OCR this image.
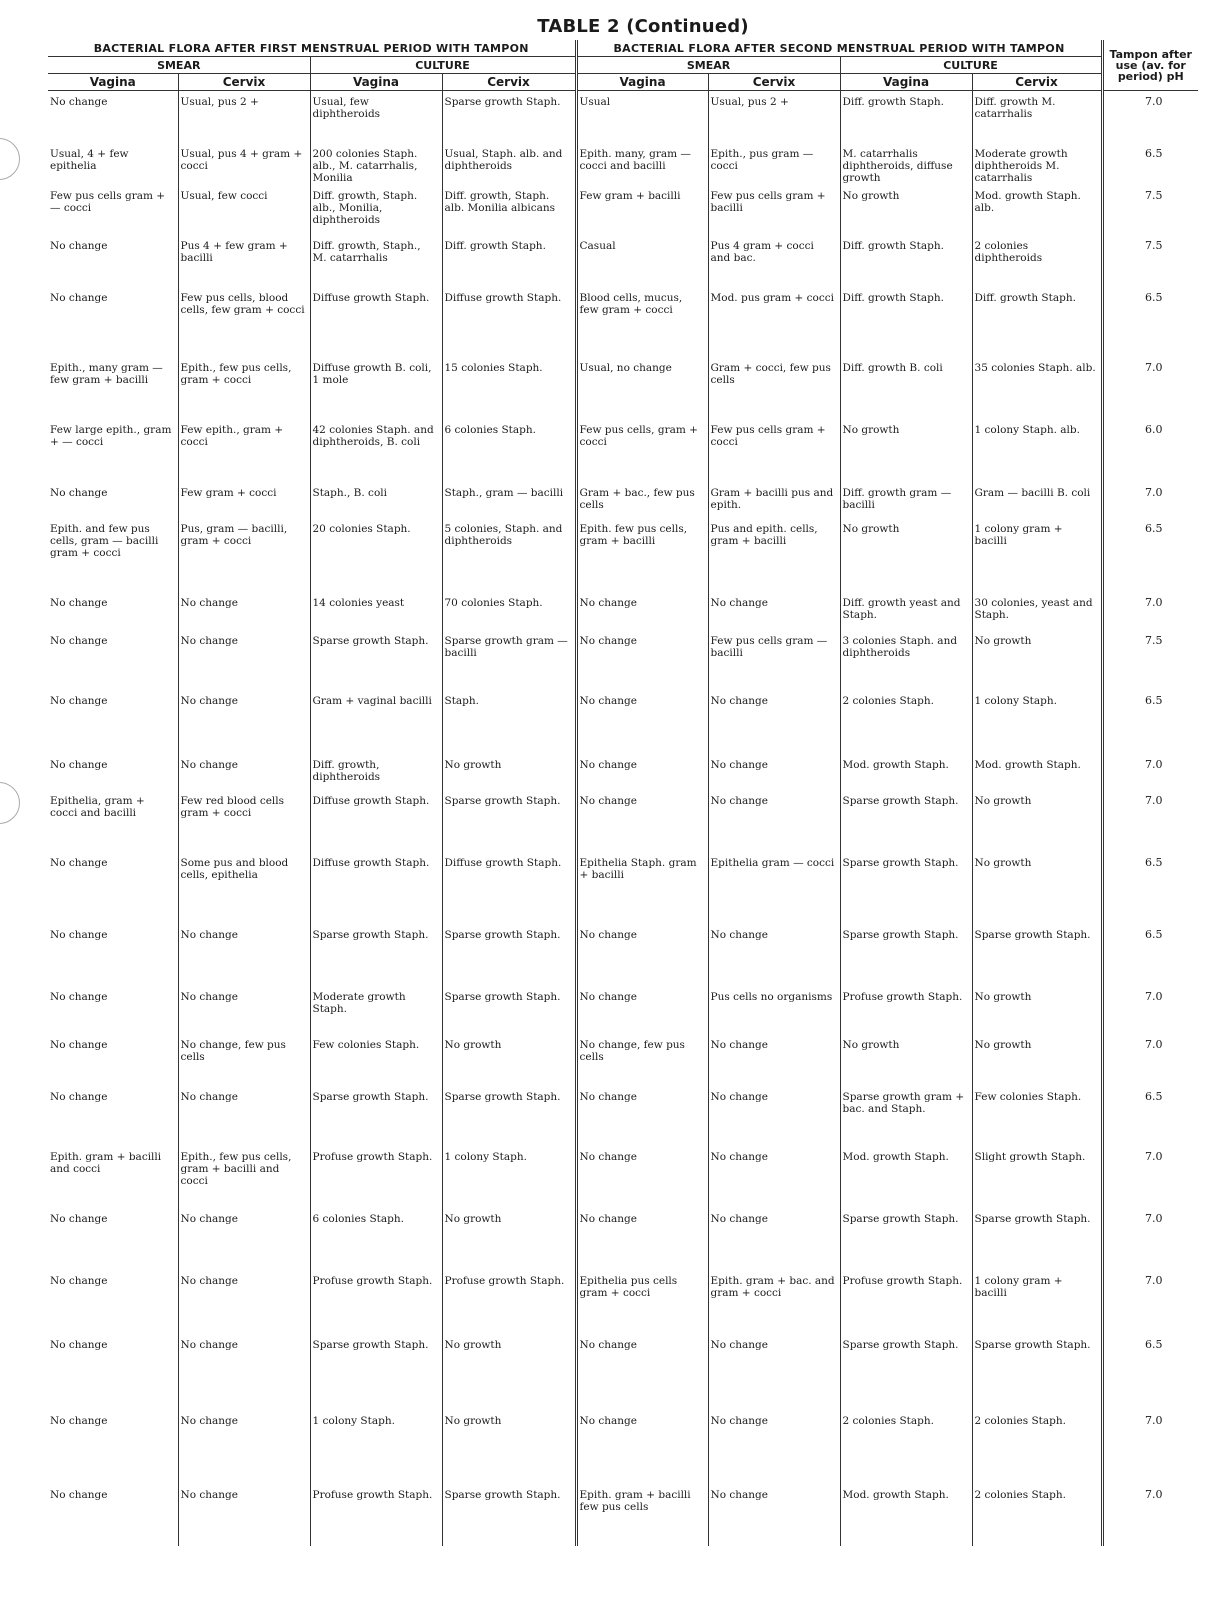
TABLE 2 (Continued)
BACTERIAL FLORA AFTER FIRST MENSTRUAL PERIOD WITH TAMPON				BACTERIAL FLORA AFTER SECOND MENSTRUAL PERIOD WITH TAMPON				Tampon after use (av. for period) pH
SMEAR		CULTURE		SMEAR		CULTURE		
Vagina	Cervix	Vagina	Cervix	Vagina	Cervix	Vagina	Cervix	
No change	Usual, pus 2 +	Usual, few diphtheroids	Sparse growth Staph.	Usual	Usual, pus 2 +	Diff. growth Staph.	Diff. growth M. catarrhalis	7.0
Usual, 4 + few epithelia	Usual, pus 4 + gram + cocci	200 colonies Staph. alb., M. catarrhalis, Monilia	Usual, Staph. alb. and diphtheroids	Epith. many, gram — cocci and bacilli	Epith., pus gram — cocci	M. catarrhalis diphtheroids, diffuse growth	Moderate growth diphtheroids M. catarrhalis	6.5
Few pus cells gram + — cocci	Usual, few cocci	Diff. growth, Staph. alb., Monilia, diphtheroids	Diff. growth, Staph. alb. Monilia albicans	Few gram + bacilli	Few pus cells gram + bacilli	No growth	Mod. growth Staph. alb.	7.5
No change	Pus 4 + few gram + bacilli	Diff. growth, Staph., M. catarrhalis	Diff. growth Staph.	Casual	Pus 4 gram + cocci and bac.	Diff. growth Staph.	2 colonies diphtheroids	7.5
No change	Few pus cells, blood cells, few gram + cocci	Diffuse growth Staph.	Diffuse growth Staph.	Blood cells, mucus, few gram + cocci	Mod. pus gram + cocci	Diff. growth Staph.	Diff. growth Staph.	6.5
Epith., many gram — few gram + bacilli	Epith., few pus cells, gram + cocci	Diffuse growth B. coli, 1 mole	15 colonies Staph.	Usual, no change	Gram + cocci, few pus cells	Diff. growth B. coli	35 colonies Staph. alb.	7.0
Few large epith., gram + — cocci	Few epith., gram + cocci	42 colonies Staph. and diphtheroids, B. coli	6 colonies Staph.	Few pus cells, gram + cocci	Few pus cells gram + cocci	No growth	1 colony Staph. alb.	6.0
No change	Few gram + cocci	Staph., B. coli	Staph., gram — bacilli	Gram + bac., few pus cells	Gram + bacilli pus and epith.	Diff. growth gram — bacilli	Gram — bacilli B. coli	7.0
Epith. and few pus cells, gram — bacilli gram + cocci	Pus, gram — bacilli, gram + cocci	20 colonies Staph.	5 colonies, Staph. and diphtheroids	Epith. few pus cells, gram + bacilli	Pus and epith. cells, gram + bacilli	No growth	1 colony gram + bacilli	6.5
No change	No change	14 colonies yeast	70 colonies Staph.	No change	No change	Diff. growth yeast and Staph.	30 colonies, yeast and Staph.	7.0
No change	No change	Sparse growth Staph.	Sparse growth gram — bacilli	No change	Few pus cells gram — bacilli	3 colonies Staph. and diphtheroids	No growth	7.5
No change	No change	Gram + vaginal bacilli	Staph.	No change	No change	2 colonies Staph.	1 colony Staph.	6.5
No change	No change	Diff. growth, diphtheroids	No growth	No change	No change	Mod. growth Staph.	Mod. growth Staph.	7.0
Epithelia, gram + cocci and bacilli	Few red blood cells gram + cocci	Diffuse growth Staph.	Sparse growth Staph.	No change	No change	Sparse growth Staph.	No growth	7.0
No change	Some pus and blood cells, epithelia	Diffuse growth Staph.	Diffuse growth Staph.	Epithelia Staph. gram + bacilli	Epithelia gram — cocci	Sparse growth Staph.	No growth	6.5
No change	No change	Sparse growth Staph.	Sparse growth Staph.	No change	No change	Sparse growth Staph.	Sparse growth Staph.	6.5
No change	No change	Moderate growth Staph.	Sparse growth Staph.	No change	Pus cells no organisms	Profuse growth Staph.	No growth	7.0
No change	No change, few pus cells	Few colonies Staph.	No growth	No change, few pus cells	No change	No growth	No growth	7.0
No change	No change	Sparse growth Staph.	Sparse growth Staph.	No change	No change	Sparse growth gram + bac. and Staph.	Few colonies Staph.	6.5
Epith. gram + bacilli and cocci	Epith., few pus cells, gram + bacilli and cocci	Profuse growth Staph.	1 colony Staph.	No change	No change	Mod. growth Staph.	Slight growth Staph.	7.0
No change	No change	6 colonies Staph.	No growth	No change	No change	Sparse growth Staph.	Sparse growth Staph.	7.0
No change	No change	Profuse growth Staph.	Profuse growth Staph.	Epithelia pus cells gram + cocci	Epith. gram + bac. and gram + cocci	Profuse growth Staph.	1 colony gram + bacilli	7.0
No change	No change	Sparse growth Staph.	No growth	No change	No change	Sparse growth Staph.	Sparse growth Staph.	6.5
No change	No change	1 colony Staph.	No growth	No change	No change	2 colonies Staph.	2 colonies Staph.	7.0
No change	No change	Profuse growth Staph.	Sparse growth Staph.	Epith. gram + bacilli few pus cells	No change	Mod. growth Staph.	2 colonies Staph.	7.0
